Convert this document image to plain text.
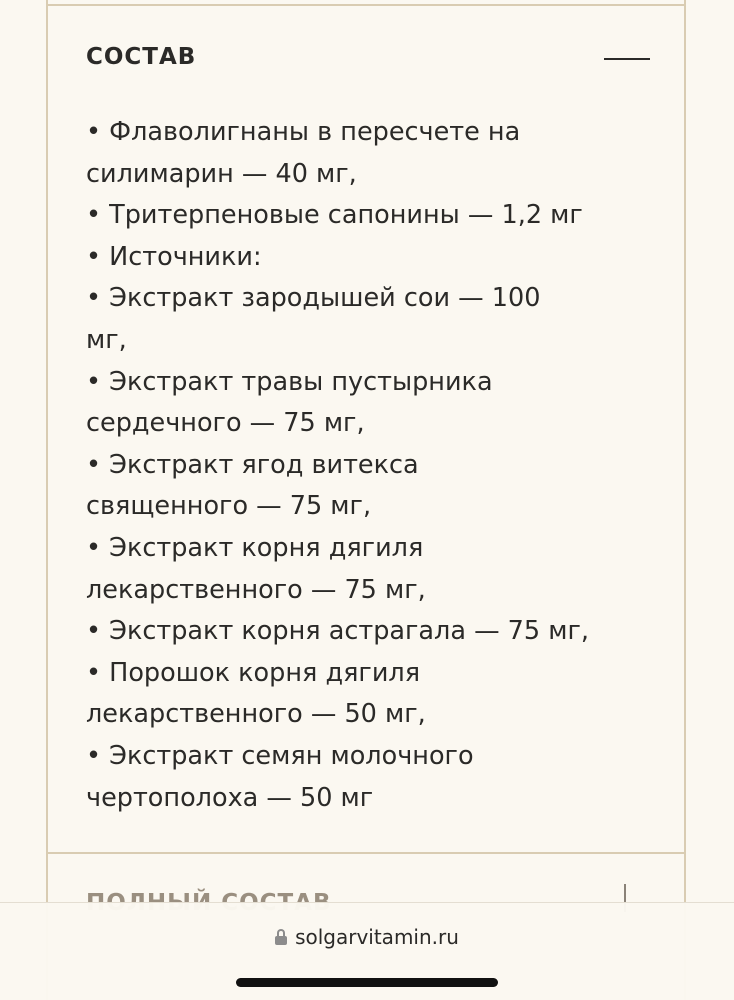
СОСТАВ
• Флаволигнаны в пересчете на
силимарин — 40 мг,
• Тритерпеновые сапонины — 1,2 мг
• Источники:
• Экстракт зародышей сои — 100
мг,
• Экстракт травы пустырника
сердечного — 75 мг,
• Экстракт ягод витекса
священного — 75 мг,
• Экстракт корня дягиля
лекарственного — 75 мг,
• Экстракт корня астрагала — 75 мг,
• Порошок корня дягиля
лекарственного — 50 мг,
• Экстракт семян молочного
чертополоха — 50 мг
solgarvitamin.ru
